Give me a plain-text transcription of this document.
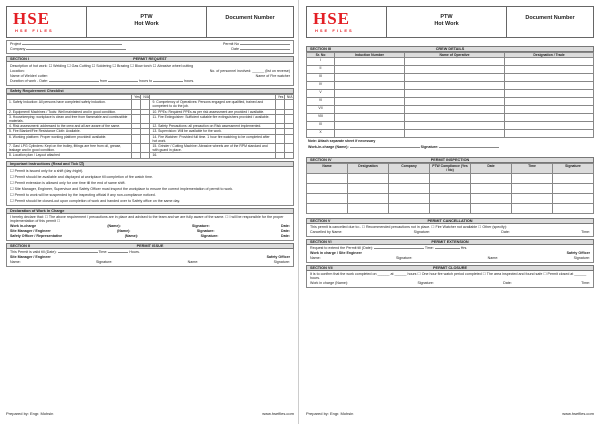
HSE
HSE FILES
PTW
Hot Work
Document Number
Project	Permit No
Company	Date
SECTION I	PERMIT REQUEST
Description of hot work: ☐ Welding ☐ Gas Cutting ☐ Soldering ☐ Brazing ☐ Blow torch ☐ Abrasive wheel cutting
Location:	No. of personnel involved: ______ (list on reverse)
Name of Welder/ cutter:	Name of Fire watcher
Duration of work - Date:	from	hours to	hours.
Safety Requirement Checklist
	Yes	N/A		Yes	N/A
1. Safety Induction: All persons have completed safety induction.			9. Competency of Operatives: Persons engaged are qualified, trained and competent to do the job.		
2. Equipment/ Machines / Tools: Well maintained and in good condition.			10. PPEs: Required PPEs as per risk assessment are provided / available.		
3. Housekeeping: workplace is clean and free from flammable and combustible materials.			11. Fire Extinguisher: Sufficient suitable fire extinguishers provided / available.		
4. Risk assessment: addressed to the crew and all are aware of the same.			12. Safety Precautions: all precaution on Risk assessment implemented.		
5. Fire Blanket/Fire Resistance Cloth: Available.			13. Supervision: Will be available for the work.		
6. Working platform: Proper working platform provided/ available.			14. Fire Watcher: Provided full time. 1 hour fire watching to be completed after hot work.		
7. Gas/ LPG Cylinders: Kept on the trolley, fittings are free from oil, grease, leakage and in good condition.			15. Grinder / Cutting Machine: Abrasive wheels are of the RPM standard and with guard in place.		
8. Location plan / Layout attached			16.		
Important Instructions (Read and Tick ☑)
☐ Permit is issued only for a shift (day /night).
☐ Permit should be available and displayed at workplace till completion of fire watch time.
☐ Permit extension is allowed only for one time till the end of same shift.
☐ Site Manager, Engineer, Supervisor and Safety Officer must inspect the workplace to ensure the correct implementation of permit to work.
☐ Permit to work will be suspended by the inspecting official if any non-compliance noticed.
☐ Permit should be closed-out upon completion of work and handed over to Safety office on the same day.
Declaration of Work In Charge
I hereby declare that: ☐ The above requirement / precautions are in place and advised to the team and we are fully aware of the same. ☐ I will be responsible for the proper implementation of this permit ☐
Work in-charge	(Name):	Signature:	Date:
Site Manager / Engineer	(Name):	Signature:	Date:
Safety Officer / Representative	(Name):	Signature:	Date:
SECTION II	PERMIT ISSUE
This Permit is valid till (Date):	Time:	Hours.
Site Manager / Engineer	Safety Officer
Name:	Signature:	Name:	Signature:
Prepared by: Engr. Mohsin	www.hsefiles.com
HSE
HSE FILES
PTW
Hot Work
Document Number
SECTION III	CREW DETAILS
Sr. No	Induction Number	Name of Operative	Designation / Trade
I			
II			
III			
IV			
V			
VI			
VII			
VIII			
IX			
X			
Note: Attach separate sheet if necessary
Work-in-charge (Name):	Signature:
SECTION IV	PERMIT INSPECTION
Name	Designation	Company	PTW Compliance (Yes / No)	Date	Time	Signature

SECTION V	PERMIT CANCELLATION
This permit is cancelled due to:- ☐ Recommended precautions not in place. ☐ Fire Watcher not available ☐ Other (specify):
Cancelled by Name:	Signature:	Date:	Time:
SECTION VI	PERMIT EXTENSION
Request to extend the Permit till (Date):	Time:	Hrs.
Work in charge / Site Engineer	Safety Officer
Name:	Signature:	Name:	Signature:
SECTION VII	PERMIT CLOSURE
It is to confirm that the work completed on ______ at ______ hours ☐ One hour fire watch period completed ☐ The area inspected and found safe ☐ Permit closed at ______ hours.
Work in charge (Name):	Signature:	Date:	Time:
Prepared by: Engr. Mohsin	www.hsefiles.com
